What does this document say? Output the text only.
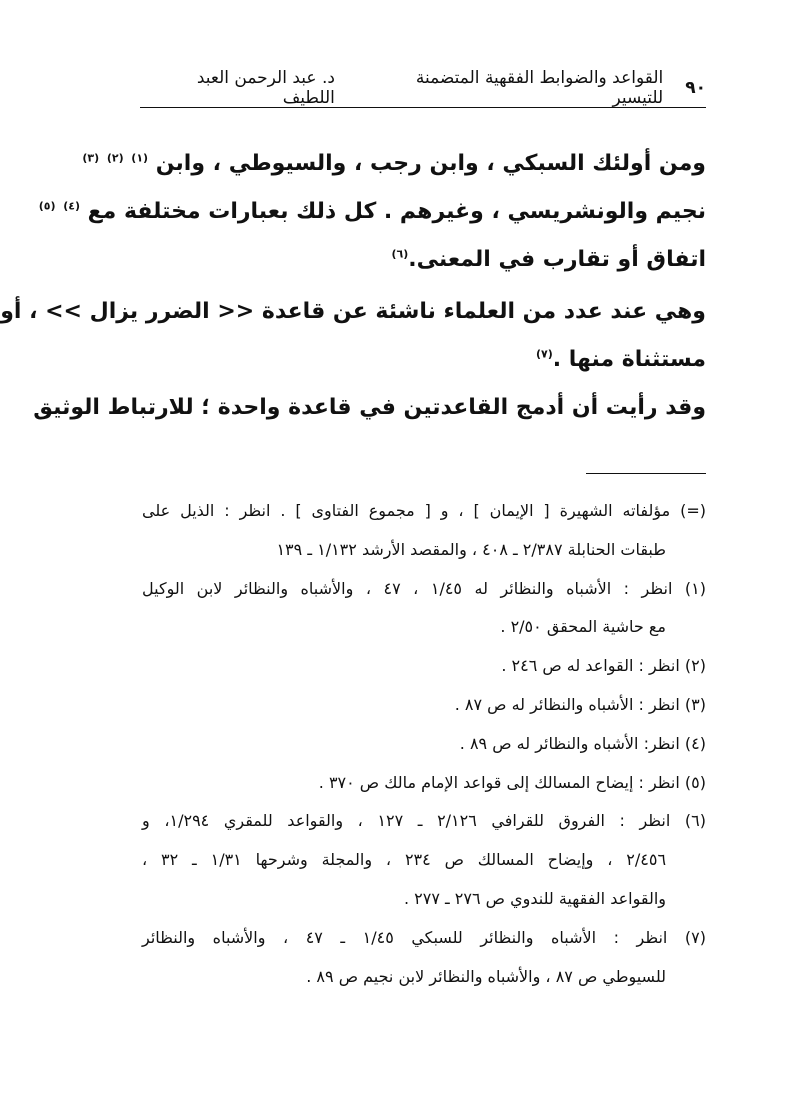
٩٠
القواعد والضوابط الفقهية المتضمنة للتيسير
د. عبد الرحمن العبد اللطيف
ومن أولئك السبكي ، وابن رجب ، والسيوطي ، وابن $^{(١)}$ $^{(٢)}$ $^{(٣)}$
نجيم والونشريسي ، وغيرهم . كل ذلك بعبارات مختلفة مع $^{(٤)}$ $^{(٥)}$
اتفاق أو تقارب في المعنى.$^{(٦)}$
وهي عند عدد من العلماء ناشئة عن قاعدة << الضرر يزال >> ، أو
مستثناة منها .$^{(٧)}$
وقد رأيت أن أدمج القاعدتين في قاعدة واحدة ؛ للارتباط الوثيق
(=) مؤلفاته الشهيرة [ الإيمان ] ، و [ مجموع الفتاوى ] . انظر : الذيل على
طبقات الحنابلة ٢/٣٨٧ ـ ٤٠٨ ، والمقصد الأرشد ١/١٣٢ ـ ١٣٩
(١) انظر : الأشباه والنظائر له ١/٤٥ ، ٤٧ ، والأشباه والنظائر لابن الوكيل
مع حاشية المحقق ٢/٥٠ .
(٢) انظر : القواعد له ص ٢٤٦ .
(٣) انظر : الأشباه والنظائر له ص ٨٧ .
(٤) انظر: الأشباه والنظائر له ص ٨٩ .
(٥) انظر : إيضاح المسالك إلى قواعد الإمام مالك ص ٣٧٠ .
(٦) انظر : الفروق للقرافي ٢/١٢٦ ـ ١٢٧ ، والقواعد للمقري ١/٢٩٤، و
٢/٤٥٦ ، وإيضاح المسالك ص ٢٣٤ ، والمجلة وشرحها ١/٣١ ـ ٣٢ ،
والقواعد الفقهية للندوي ص ٢٧٦ ـ ٢٧٧ .
(٧) انظر : الأشباه والنظائر للسبكي ١/٤٥ ـ ٤٧ ، والأشباه والنظائر
للسيوطي ص ٨٧ ، والأشباه والنظائر لابن نجيم ص ٨٩ .
